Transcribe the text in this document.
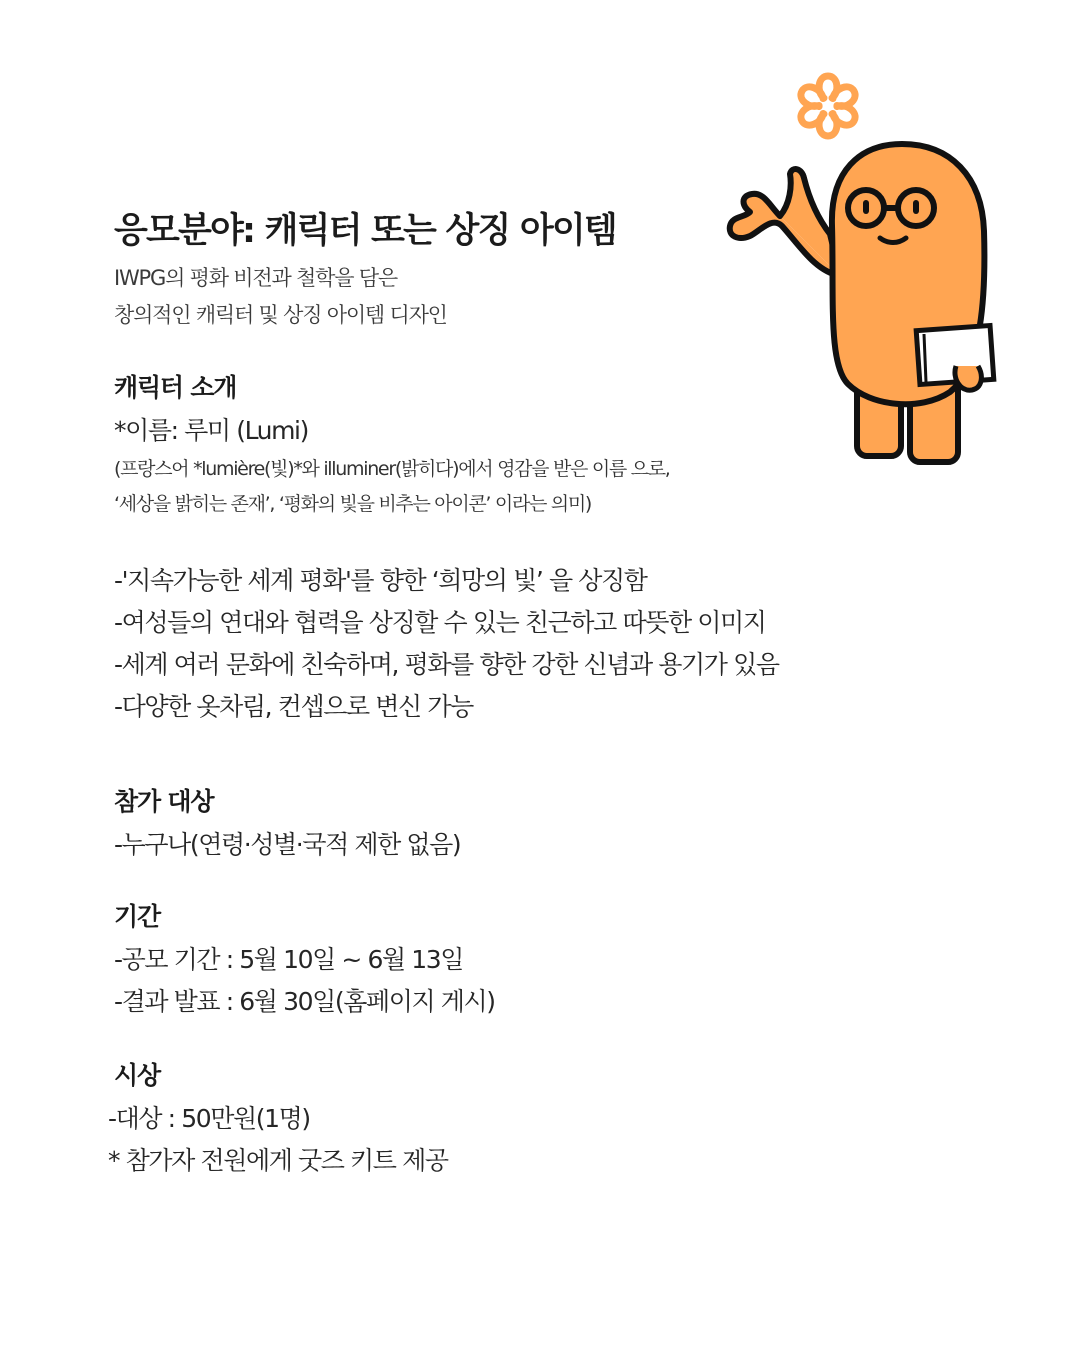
응모분야: 캐릭터 또는 상징 아이템
IWPG의 평화 비전과 철학을 담은
창의적인 캐릭터 및 상징 아이템 디자인
캐릭터 소개
*이름: 루미 (Lumi)
(프랑스어 *lumière(빛)*와 illuminer(밝히다)에서 영감을 받은 이름 으로,
‘세상을 밝히는 존재’, ‘평화의 빛을 비추는 아이콘’ 이라는 의미)
-'지속가능한 세계 평화'를 향한 ‘희망의 빛’ 을 상징함
-여성들의 연대와 협력을 상징할 수 있는 친근하고 따뜻한 이미지
-세계 여러 문화에 친숙하며, 평화를 향한 강한 신념과 용기가 있음
-다양한 옷차림, 컨셉으로 변신 가능
참가 대상
-누구나(연령·성별·국적 제한 없음)
기간
-공모 기간 : 5월 10일 ~ 6월 13일
-결과 발표 : 6월 30일(홈페이지 게시)
시상
-대상 : 50만원(1명)
* 참가자 전원에게 굿즈 키트 제공
